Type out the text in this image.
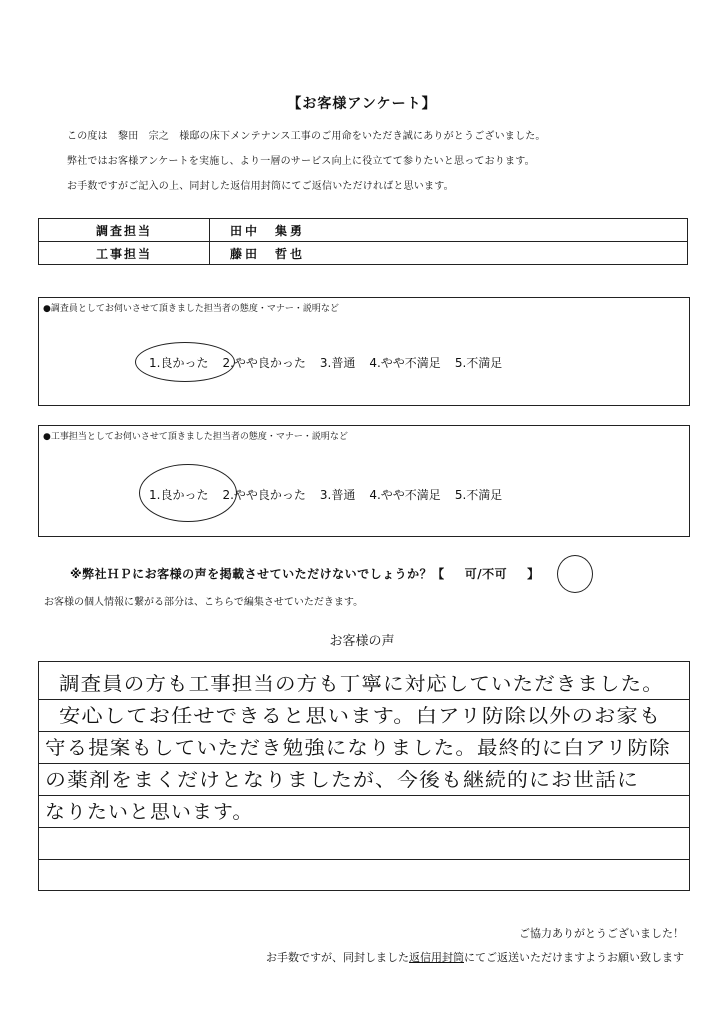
【お客様アンケート】
この度は　黎田　宗之　様邸の床下メンテナンス工事のご用命をいただき誠にありがとうございました。
弊社ではお客様アンケートを実施し、より一層のサービス向上に役立てて参りたいと思っております。
お手数ですがご記入の上、同封した返信用封筒にてご返信いただければと思います。
調査担当	田中　集勇
工事担当	藤田　哲也
●調査員としてお伺いさせて頂きました担当者の態度・マナー・説明など
1.良かった 2.やや良かった 3.普通 4.やや不満足 5.不満足
●工事担当としてお伺いさせて頂きました担当者の態度・マナー・説明など
1.良かった 2.やや良かった 3.普通 4.やや不満足 5.不満足
※弊社ＨＰにお客様の声を掲載させていただけないでしょうか？【 可/不可 】
お客様の個人情報に繋がる部分は、こちらで編集させていただきます。
お客様の声
調査員の方も工事担当の方も丁寧に対応していただきました。
安心してお任せできると思います。白アリ防除以外のお家も
守る提案もしていただき勉強になりました。最終的に白アリ防除
の薬剤をまくだけとなりましたが、今後も継続的にお世話に
なりたいと思います。
ご協力ありがとうございました！
お手数ですが、同封しました返信用封筒にてご返送いただけますようお願い致します
